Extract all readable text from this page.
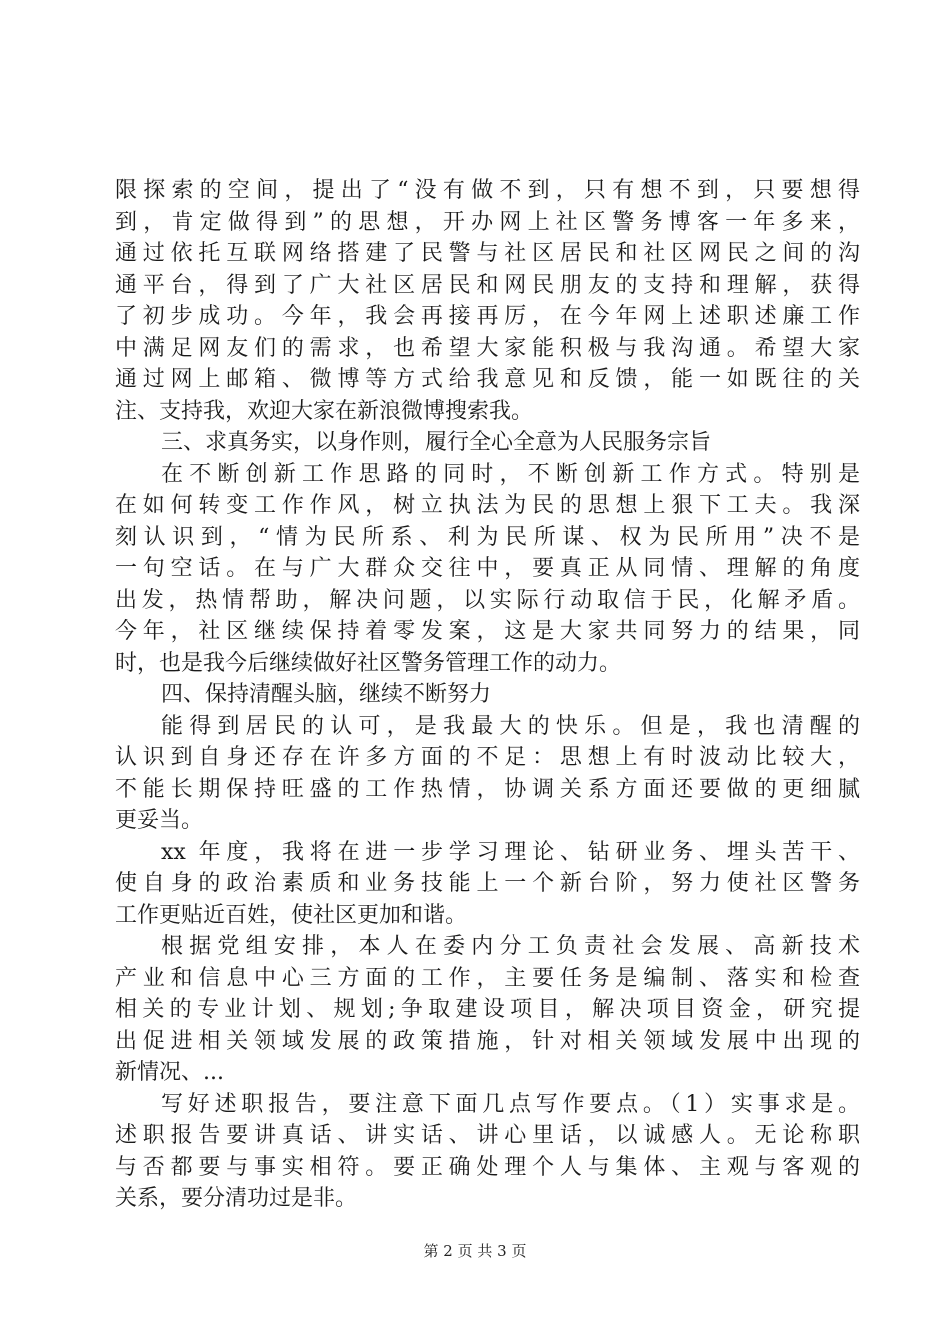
限探索的空间，提出了“没有做不到，只有想不到，只要想得
到，肯定做得到”的思想，开办网上社区警务博客一年多来，
通过依托互联网络搭建了民警与社区居民和社区网民之间的沟
通平台，得到了广大社区居民和网民朋友的支持和理解，获得
了初步成功。今年，我会再接再厉，在今年网上述职述廉工作
中满足网友们的需求，也希望大家能积极与我沟通。希望大家
通过网上邮箱、微博等方式给我意见和反馈，能一如既往的关
注、支持我，欢迎大家在新浪微博搜索我。
三、求真务实，以身作则，履行全心全意为人民服务宗旨
在不断创新工作思路的同时，不断创新工作方式。特别是
在如何转变工作作风，树立执法为民的思想上狠下工夫。我深
刻认识到，“情为民所系、利为民所谋、权为民所用”决不是
一句空话。在与广大群众交往中，要真正从同情、理解的角度
出发，热情帮助，解决问题，以实际行动取信于民，化解矛盾。
今年，社区继续保持着零发案，这是大家共同努力的结果，同
时，也是我今后继续做好社区警务管理工作的动力。
四、保持清醒头脑，继续不断努力
能得到居民的认可，是我最大的快乐。但是，我也清醒的
认识到自身还存在许多方面的不足：思想上有时波动比较大，
不能长期保持旺盛的工作热情，协调关系方面还要做的更细腻
更妥当。
xx 年度，我将在进一步学习理论、钻研业务、埋头苦干、
使自身的政治素质和业务技能上一个新台阶，努力使社区警务
工作更贴近百姓，使社区更加和谐。
根据党组安排，本人在委内分工负责社会发展、高新技术
产业和信息中心三方面的工作，主要任务是编制、落实和检查
相关的专业计划、规划;争取建设项目，解决项目资金，研究提
出促进相关领域发展的政策措施，针对相关领域发展中出现的
新情况、...
写好述职报告，要注意下面几点写作要点。（1）实事求是。
述职报告要讲真话、讲实话、讲心里话，以诚感人。无论称职
与否都要与事实相符。要正确处理个人与集体、主观与客观的
关系，要分清功过是非。
第 2 页 共 3 页
